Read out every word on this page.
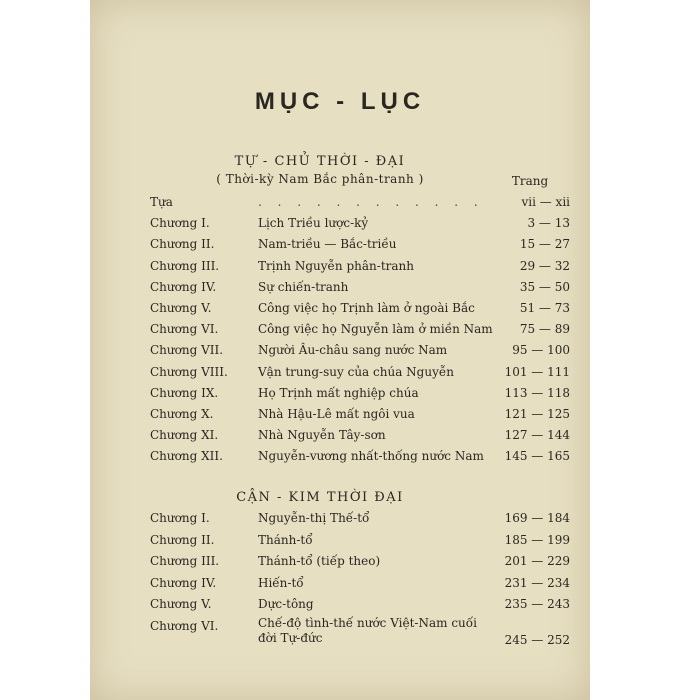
MỤC - LỤC
TỰ - CHỦ THỜI - ĐẠI
( Thời-kỳ Nam Bắc phân-tranh )	Trang
Tựa
. . .	vii — xii
Chương I.	Lịch Triều lược-kỷ	3 — 13
Chương II.	Nam-triều — Bắc-triều	15 — 27
Chương III.	Trịnh Nguyễn phân-tranh	29 — 32
Chương IV.	Sự chiến-tranh	35 — 50
Chương V.	Công việc họ Trịnh làm ở ngoài Bắc	51 — 73
Chương VI.	Công việc họ Nguyễn làm ở miền Nam	75 — 89
Chương VII.	Người Âu-châu sang nước Nam	95 — 100
Chương VIII.	Vận trung-suy của chúa Nguyễn	101 — 111
Chương IX.	Họ Trịnh mất nghiệp chúa	113 — 118
Chương X.	Nhà Hậu-Lê mất ngôi vua	121 — 125
Chương XI.	Nhà Nguyễn Tây-sơn	127 — 144
Chương XII.	Nguyễn-vương nhất-thống nước Nam	145 — 165
CẬN - KIM THỜI ĐẠI
Chương I.	Nguyễn-thị Thế-tổ	169 — 184
Chương II.	Thánh-tổ	185 — 199
Chương III.	Thánh-tổ (tiếp theo)	201 — 229
Chương IV.	Hiến-tổ	231 — 234
Chương V.	Dực-tông	235 — 243
Chương VI.	Chế-độ tình-thế nước Việt-Nam cuối đời Tự-đức	245 — 252
